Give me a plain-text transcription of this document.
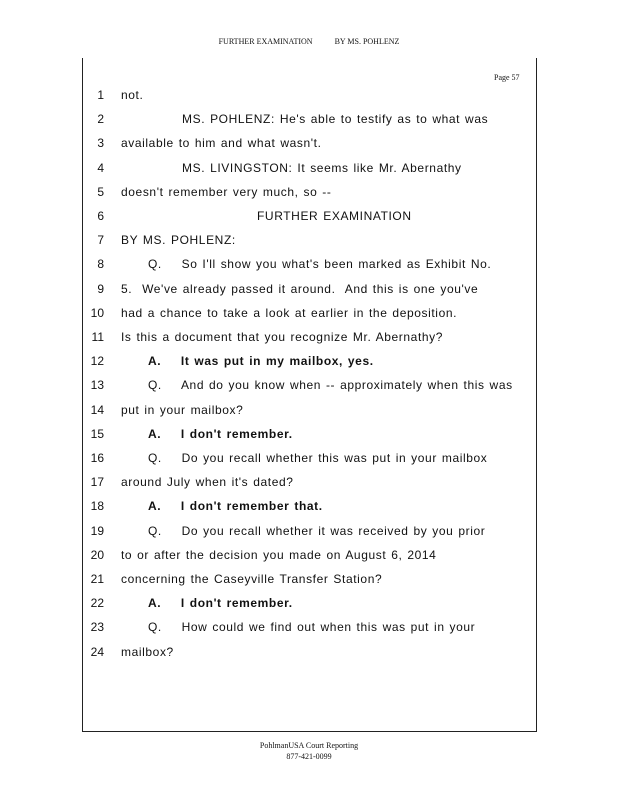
FURTHER EXAMINATION	BY MS. POHLENZ
Page 57
1 not.
2	MS. POHLENZ: He's able to testify as to what was
3 available to him and what wasn't.
4	MS. LIVINGSTON: It seems like Mr. Abernathy
5 doesn't remember very much, so --
6	FURTHER EXAMINATION
7 BY MS. POHLENZ:
8	Q.    So I'll show you what's been marked as Exhibit No.
9 5.  We've already passed it around.  And this is one you've
10 had a chance to take a look at earlier in the deposition.
11 Is this a document that you recognize Mr. Abernathy?
12	A.    It was put in my mailbox, yes.
13	Q.    And do you know when -- approximately when this was
14 put in your mailbox?
15	A.    I don't remember.
16	Q.    Do you recall whether this was put in your mailbox
17 around July when it's dated?
18	A.    I don't remember that.
19	Q.    Do you recall whether it was received by you prior
20 to or after the decision you made on August 6, 2014
21 concerning the Caseyville Transfer Station?
22	A.    I don't remember.
23	Q.    How could we find out when this was put in your
24 mailbox?
PohlmanUSA Court Reporting
877-421-0099
